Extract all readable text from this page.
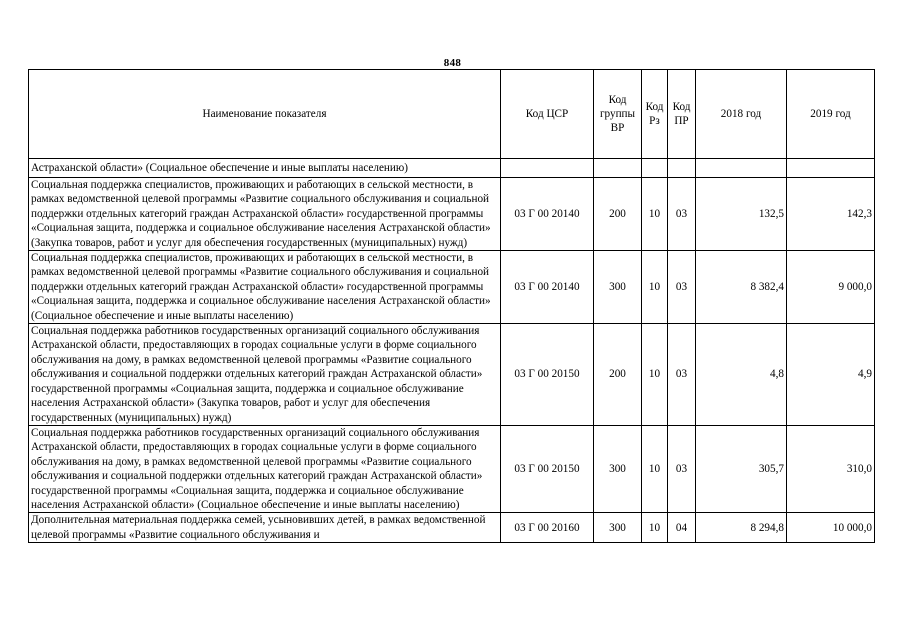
848
Наименование показателя	Код ЦСР	Код группы ВР	Код Рз	Код ПР	2018 год	2019 год
Астраханской области» (Социальное обеспечение и иные выплаты населению)						
Социальная поддержка специалистов, проживающих и работающих в сельской местности, в рамках ведомственной целевой программы «Развитие социального обслуживания и социальной поддержки отдельных категорий граждан Астраханской области» государственной программы «Социальная защита, поддержка и социальное обслуживание населения Астраханской области» (Закупка товаров, работ и услуг для обеспечения государственных (муниципальных) нужд)	03 Г 00 20140	200	10	03	132,5	142,3
Социальная поддержка специалистов, проживающих и работающих в сельской местности, в рамках ведомственной целевой программы «Развитие социального обслуживания и социальной поддержки отдельных категорий граждан Астраханской области» государственной программы «Социальная защита, поддержка и социальное обслуживание населения Астраханской области» (Социальное обеспечение и иные выплаты населению)	03 Г 00 20140	300	10	03	8 382,4	9 000,0
Социальная поддержка работников государственных организаций социального обслуживания Астраханской области, предоставляющих в городах социальные услуги в форме социального обслуживания на дому, в рамках ведомственной целевой программы «Развитие социального обслуживания и социальной поддержки отдельных категорий граждан Астраханской области» государственной программы «Социальная защита, поддержка и социальное обслуживание населения Астраханской области» (Закупка товаров, работ и услуг для обеспечения государственных (муниципальных) нужд)	03 Г 00 20150	200	10	03	4,8	4,9
Социальная поддержка работников государственных организаций социального обслуживания Астраханской области, предоставляющих в городах социальные услуги в форме социального обслуживания на дому, в рамках ведомственной целевой программы «Развитие социального обслуживания и социальной поддержки отдельных категорий граждан Астраханской области» государственной программы «Социальная защита, поддержка и социальное обслуживание населения Астраханской области» (Социальное обеспечение и иные выплаты населению)	03 Г 00 20150	300	10	03	305,7	310,0
Дополнительная материальная поддержка семей, усыновивших детей, в рамках ведомственной целевой программы «Развитие социального обслуживания и	03 Г 00 20160	300	10	04	8 294,8	10 000,0
